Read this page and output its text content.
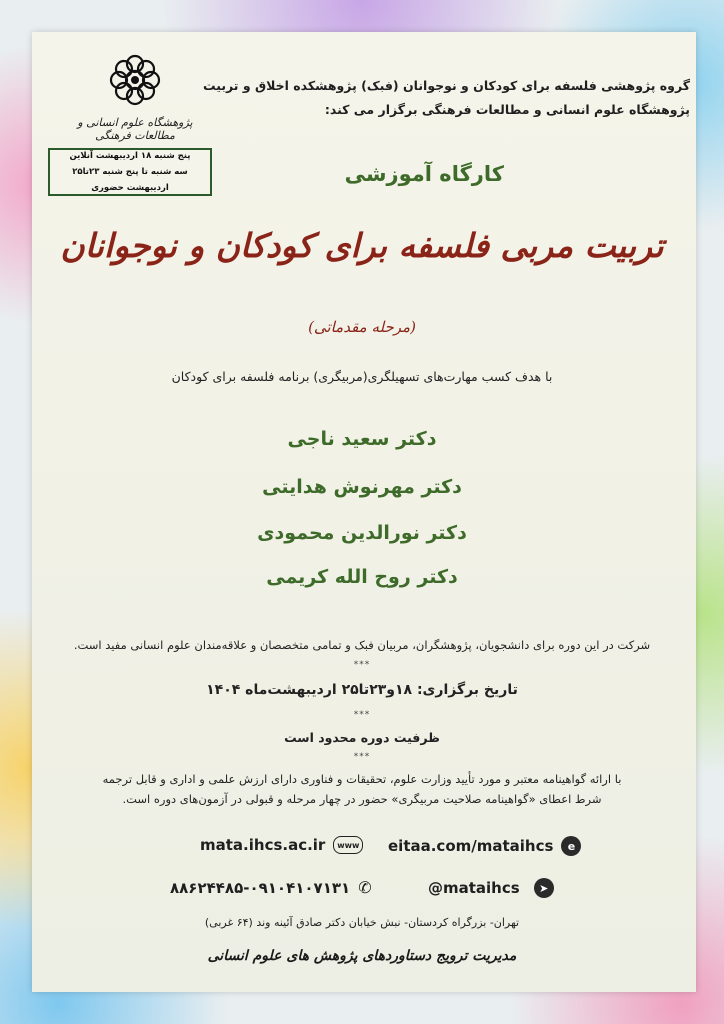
پژوهشگاه علوم انسانی و مطالعات فرهنگی
پنج شنبه ۱۸ اردیبهشت آنلاین
سه شنبه تا پنج شنبه ۲۳تا۲۵ اردیبهشت حضوری
گروه پژوهشی فلسفه برای کودکان و نوجوانان (فبک) پژوهشکده اخلاق و تربیت
پژوهشگاه علوم انسانی و مطالعات فرهنگی برگزار می کند:
کارگاه آموزشی
تربیت مربی فلسفه برای کودکان و نوجوانان
(مرحله مقدماتی)
با هدف کسب مهارت‌های تسهیلگری(مربیگری) برنامه فلسفه برای کودکان
دکتر سعید ناجی
دکتر مهرنوش هدایتی
دکتر نورالدین محمودی
دکتر روح الله کریمی
شرکت در این دوره برای دانشجویان، پژوهشگران، مربیان فبک و تمامی متخصصان و علاقه‌مندان علوم انسانی مفید است.
***
تاریخ برگزاری: ۱۸و۲۳تا۲۵ اردیبهشت‌ماه ۱۴۰۴
***
ظرفیت دوره محدود است
***
با ارائه گواهینامه معتبر و مورد تأیید وزارت علوم، تحقیقات و فناوری دارای ارزش علمی و اداری و قابل ترجمه
شرط اعطای «گواهینامه صلاحیت مربیگری» حضور در چهار مرحله و قبولی در آزمون‌های دوره است.
mata.ihcs.ac.ir	www eitaa.com/mataihcs	e
۸۸۶۲۴۴۸۵-۰۹۱۰۴۱۰۷۱۳۱ ✆	@mataihcs	➤
تهران- بزرگراه کردستان- نبش خیابان دکتر صادق آئینه وند (۶۴ غربی)
مدیریت ترویج دستاوردهای پژوهش های علوم انسانی
